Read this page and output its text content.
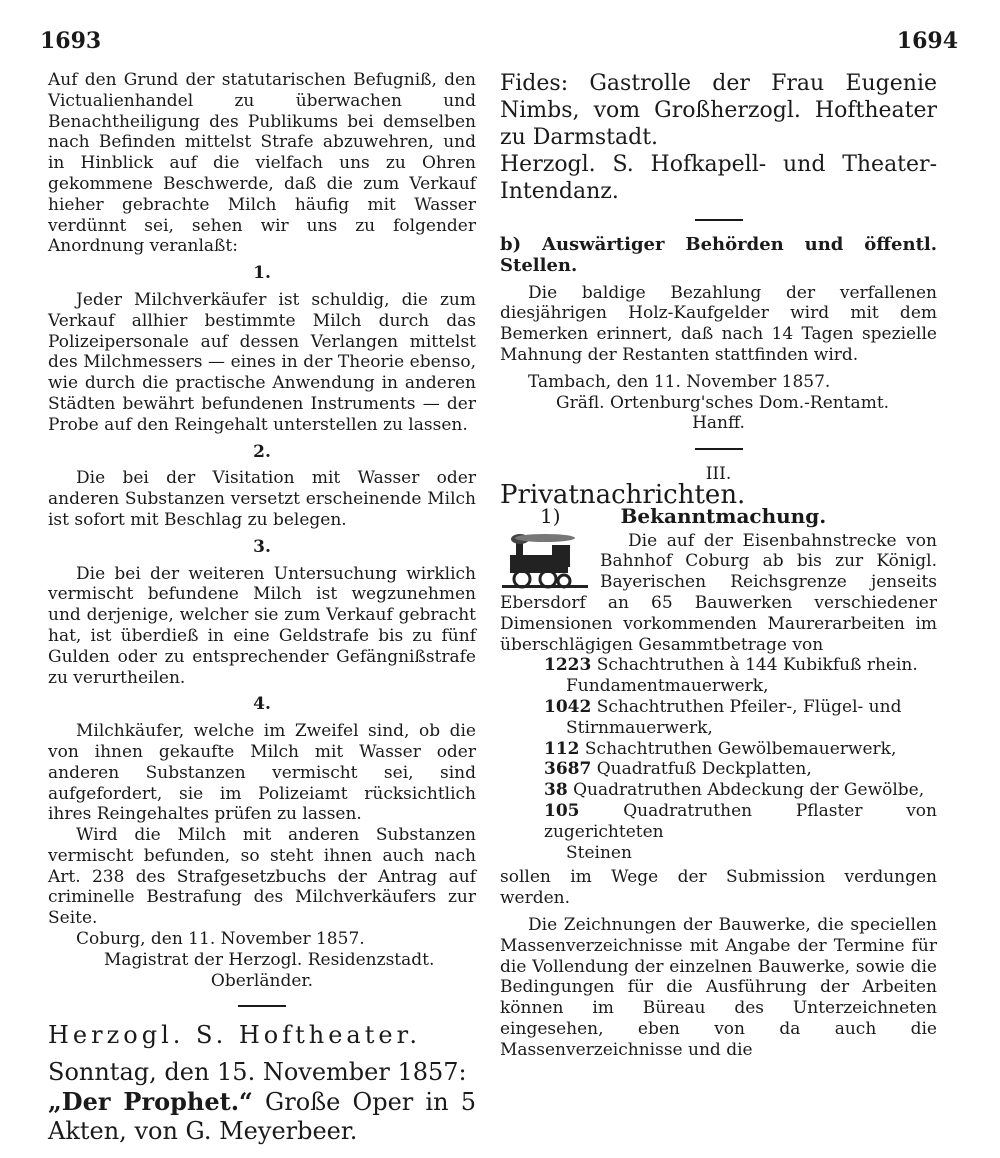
1693	1694

Auf den Grund der statutarischen Befugniß, den Victualienhandel zu überwachen und Benachtheiligung des Publikums bei demselben nach Befinden mittelst Strafe abzuwehren, und in Hinblick auf die vielfach uns zu Ohren gekommene Beschwerde, daß die zum Verkauf hieher gebrachte Milch häufig mit Wasser verdünnt sei, sehen wir uns zu folgender Anordnung veranlaßt:

1.

Jeder Milchverkäufer ist schuldig, die zum Verkauf allhier bestimmte Milch durch das Polizeipersonale auf dessen Verlangen mittelst des Milchmessers — eines in der Theorie ebenso, wie durch die practische Anwendung in anderen Städten bewährt befundenen Instruments — der Probe auf den Reingehalt unterstellen zu lassen.

2.

Die bei der Visitation mit Wasser oder anderen Substanzen versetzt erscheinende Milch ist sofort mit Beschlag zu belegen.

3.

Die bei der weiteren Untersuchung wirklich vermischt befundene Milch ist wegzunehmen und derjenige, welcher sie zum Verkauf gebracht hat, ist überdieß in eine Geldstrafe bis zu fünf Gulden oder zu entsprechender Gefängnißstrafe zu verurtheilen.

4.

Milchkäufer, welche im Zweifel sind, ob die von ihnen gekaufte Milch mit Wasser oder anderen Substanzen vermischt sei, sind aufgefordert, sie im Polizeiamt rücksichtlich ihres Reingehaltes prüfen zu lassen.

Wird die Milch mit anderen Substanzen vermischt befunden, so steht ihnen auch nach Art. 238 des Strafgesetzbuchs der Antrag auf criminelle Bestrafung des Milchverkäufers zur Seite.

Coburg, den 11. November 1857.

Magistrat der Herzogl. Residenzstadt.

Oberländer.

Herzogl. S. Hoftheater.

Sonntag, den 15. November 1857:

„Der Prophet.“ Große Oper in 5 Akten, von G. Meyerbeer.

Fides: Gastrolle der Frau Eugenie Nimbs, vom Großherzogl. Hoftheater zu Darmstadt.

Herzogl. S. Hofkapell- und Theater-Intendanz.

b) Auswärtiger Behörden und öffentl. Stellen.

Die baldige Bezahlung der verfallenen diesjährigen Holz-Kaufgelder wird mit dem Bemerken erinnert, daß nach 14 Tagen spezielle Mahnung der Restanten stattfinden wird.

Tambach, den 11. November 1857.

Gräfl. Ortenburg'sches Dom.-Rentamt.

Hanff.

III.

Privatnachrichten.

1)	Bekanntmachung.

Die auf der Eisenbahnstrecke von Bahnhof Coburg ab bis zur Königl. Bayerischen Reichsgrenze jenseits Ebersdorf an 65 Bauwerken verschiedener Dimensionen vorkommenden Maurerarbeiten im überschlägigen Gesammtbetrage von

1223 Schachtruthen à 144 Kubikfuß rhein.

Fundamentmauerwerk,

1042 Schachtruthen Pfeiler-, Flügel- und

Stirnmauerwerk,

112 Schachtruthen Gewölbemauerwerk,

3687 Quadratfuß Deckplatten,

38 Quadratruthen Abdeckung der Gewölbe,

105	Quadratruthen Pflaster von zugerichteten

Steinen

sollen im Wege der Submission verdungen werden.

Die Zeichnungen der Bauwerke, die speciellen Massenverzeichnisse mit Angabe der Termine für die Vollendung der einzelnen Bauwerke, sowie die Bedingungen für die Ausführung der Arbeiten können im Büreau des Unterzeichneten eingesehen, eben von da auch die Massenverzeichnisse und die
